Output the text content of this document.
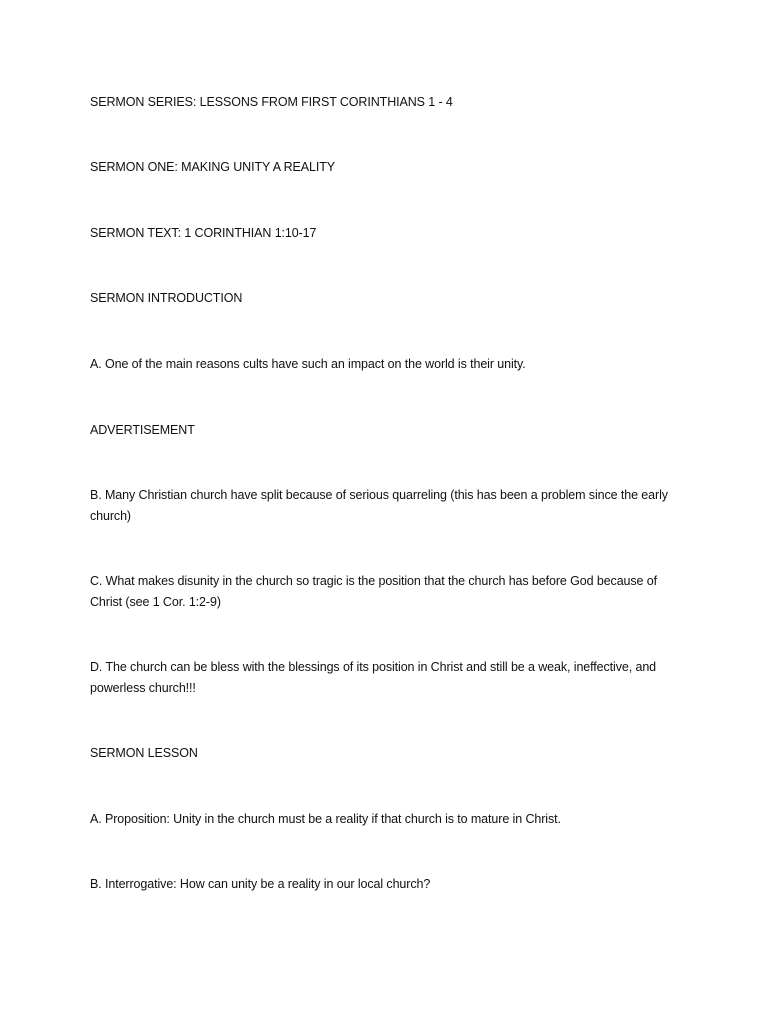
SERMON SERIES: LESSONS FROM FIRST CORINTHIANS 1 - 4

SERMON ONE: MAKING UNITY A REALITY

SERMON TEXT: 1 CORINTHIAN 1:10-17

SERMON INTRODUCTION

A. One of the main reasons cults have such an impact on the world is their unity.

ADVERTISEMENT

B. Many Christian church have split because of serious quarreling (this has been a problem since the early church)

C. What makes disunity in the church so tragic is the position that the church has before God because of Christ (see 1 Cor. 1:2-9)

D. The church can be bless with the blessings of its position in Christ and still be a weak, ineffective, and powerless church!!!

SERMON LESSON

A. Proposition: Unity in the church must be a reality if that church is to mature in Christ.

B. Interrogative: How can unity be a reality in our local church?
